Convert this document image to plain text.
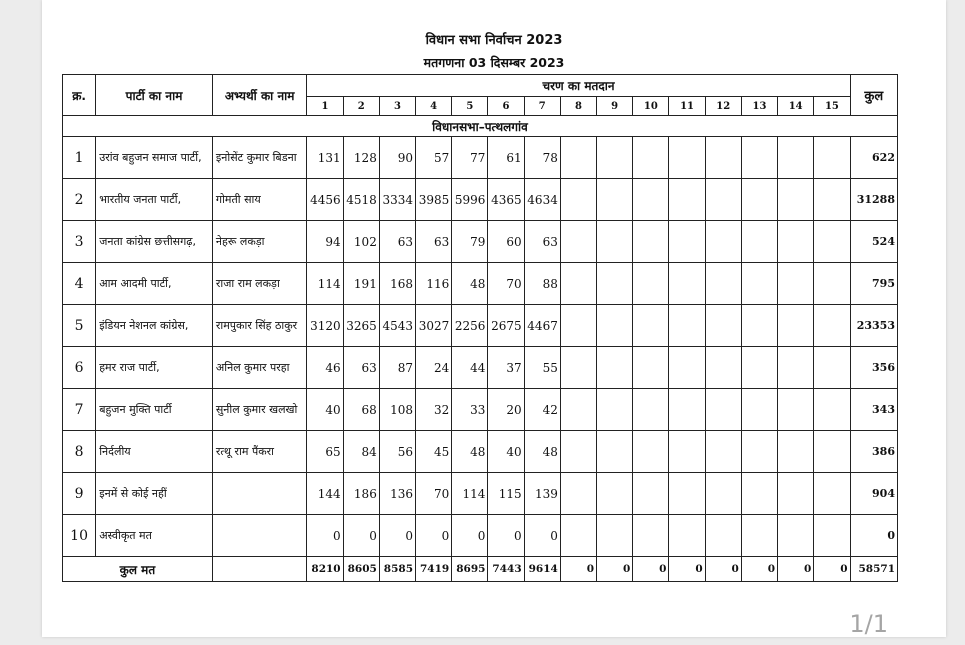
विधान सभा निर्वाचन 2023
मतगणना 03 दिसम्बर 2023
क्र.	पार्टी का नाम	अभ्यर्थी का नाम	चरण का मतदान															कुल
			1	2	3	4	5	6	7	8	9	10	11	12	13	14	15	
विधानसभा–पत्थलगांव																		
1	उरांव बहुजन समाज पार्टी,	इनोसेंट कुमार बिडना	131	128	90	57	77	61	78									622
2	भारतीय जनता पार्टी,	गोमती साय	4456	4518	3334	3985	5996	4365	4634									31288
3	जनता कांग्रेस छत्तीसगढ़,	नेहरू लकड़ा	94	102	63	63	79	60	63									524
4	आम आदमी पार्टी,	राजा राम लकड़ा	114	191	168	116	48	70	88									795
5	इंडियन नेशनल कांग्रेस,	रामपुकार सिंह ठाकुर	3120	3265	4543	3027	2256	2675	4467									23353
6	हमर राज पार्टी,	अनिल कुमार परहा	46	63	87	24	44	37	55									356
7	बहुजन मुक्ति पार्टी	सुनील कुमार खलखो	40	68	108	32	33	20	42									343
8	निर्दलीय	रत्थू राम पैंकरा	65	84	56	45	48	40	48									386
9	इनमें से कोई नहीं		144	186	136	70	114	115	139									904
10	अस्वीकृत मत		0	0	0	0	0	0	0									0
कुल मत			8210	8605	8585	7419	8695	7443	9614	0	0	0	0	0	0	0	0	58571
1/1
